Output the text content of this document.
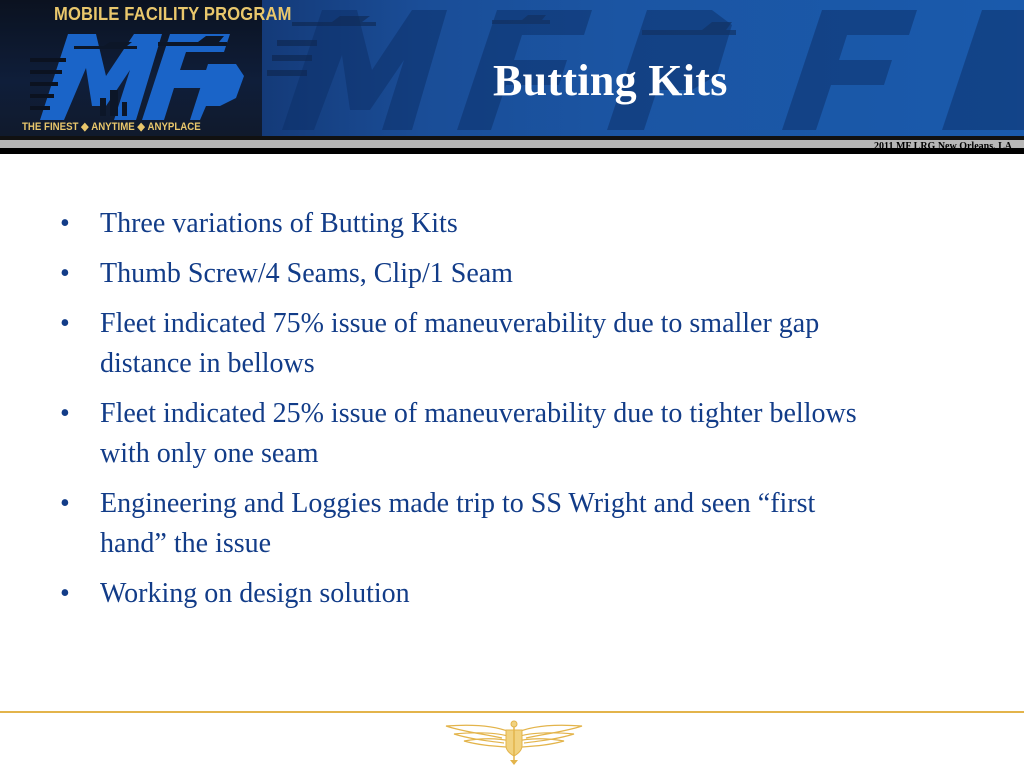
MOBILE FACILITY PROGRAM
THE FINEST ◆ ANYTIME ◆ ANYPLACE
Butting Kits
2011 MF LRG New Orleans, LA
• Three variations of Butting Kits
• Thumb Screw/4 Seams, Clip/1 Seam
• Fleet indicated 75% issue of maneuverability due to smaller gap distance in bellows
• Fleet indicated 25% issue of maneuverability due to tighter bellows with only one seam
• Engineering and Loggies made trip to SS Wright and seen “first hand” the issue
• Working on design solution
